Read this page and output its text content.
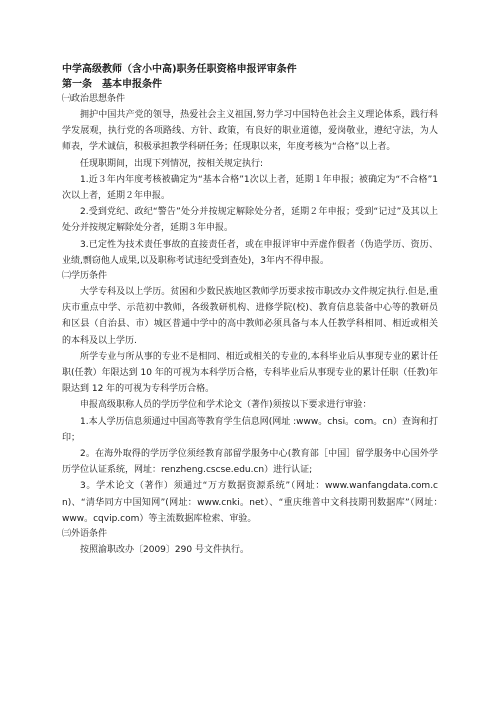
中学高级教师（含小中高)职务任职资格申报评审条件

第一条　基本申报条件

㈠政治思想条件

拥护中国共产党的领导，热爱社会主义祖国,努力学习中国特色社会主义理论体系，践行科学发展观，执行党的各项路线、方针、政策，有良好的职业道德，爱岗敬业，遵纪守法，为人师表，学术诚信，积极承担教学科研任务；任现职以来，年度考核为“合格”以上者。

任现职期间，出现下列情况，按相关规定执行:

1.近３年内年度考核被确定为“基本合格”1次以上者，延期１年申报；被确定为“不合格”1次以上者，延期２年申报。

2.受到党纪、政纪“警告”处分并按规定解除处分者，延期２年申报；受到“记过”及其以上处分并按规定解除处分者，延期３年申报。

3.已定性为技术责任事故的直接责任者，或在申报评审中弄虚作假者（伪造学历、资历、业绩,剽窃他人成果,以及职称考试违纪受到查处)，3年内不得申报。

㈡学历条件

大学专科及以上学历。贫困和少数民族地区教师学历要求按市职改办文件规定执行.但是,重庆市重点中学、示范初中教师，各级教研机构、进修学院(校)、教育信息装备中心等的教研员和区县（自治县、市）城区普通中学中的高中教师必须具备与本人任教学科相同、相近或相关的本科及以上学历.

所学专业与所从事的专业不是相同、相近或相关的专业的,本科毕业后从事现专业的累计任职(任教）年限达到 10 年的可视为本科学历合格，专科毕业后从事现专业的累计任职（任教)年限达到 12 年的可视为专科学历合格。

申报高级职称人员的学历学位和学术论文（著作)须按以下要求进行审验：

1.本人学历信息须通过中国高等教育学生信息网(网址 :www。chsi。com。cn）查询和打印；

2。在海外取得的学历学位须经教育部留学服务中心(教育部［中国］留学服务中心国外学历学位认证系统，网址：renzheng.cscse.edu.cn）进行认证;

3。学术论文（著作）须通过“万方数据资源系统”（网址：www.wanfangdata.com.cn)、“清华同方中国知网”(网址：www.cnki。net）、“重庆维普中文科技期刊数据库”（网址：　www。cqvip.com）等主流数据库检索、审验。

㈢外语条件

按照渝职改办〔2009〕290 号文件执行。
